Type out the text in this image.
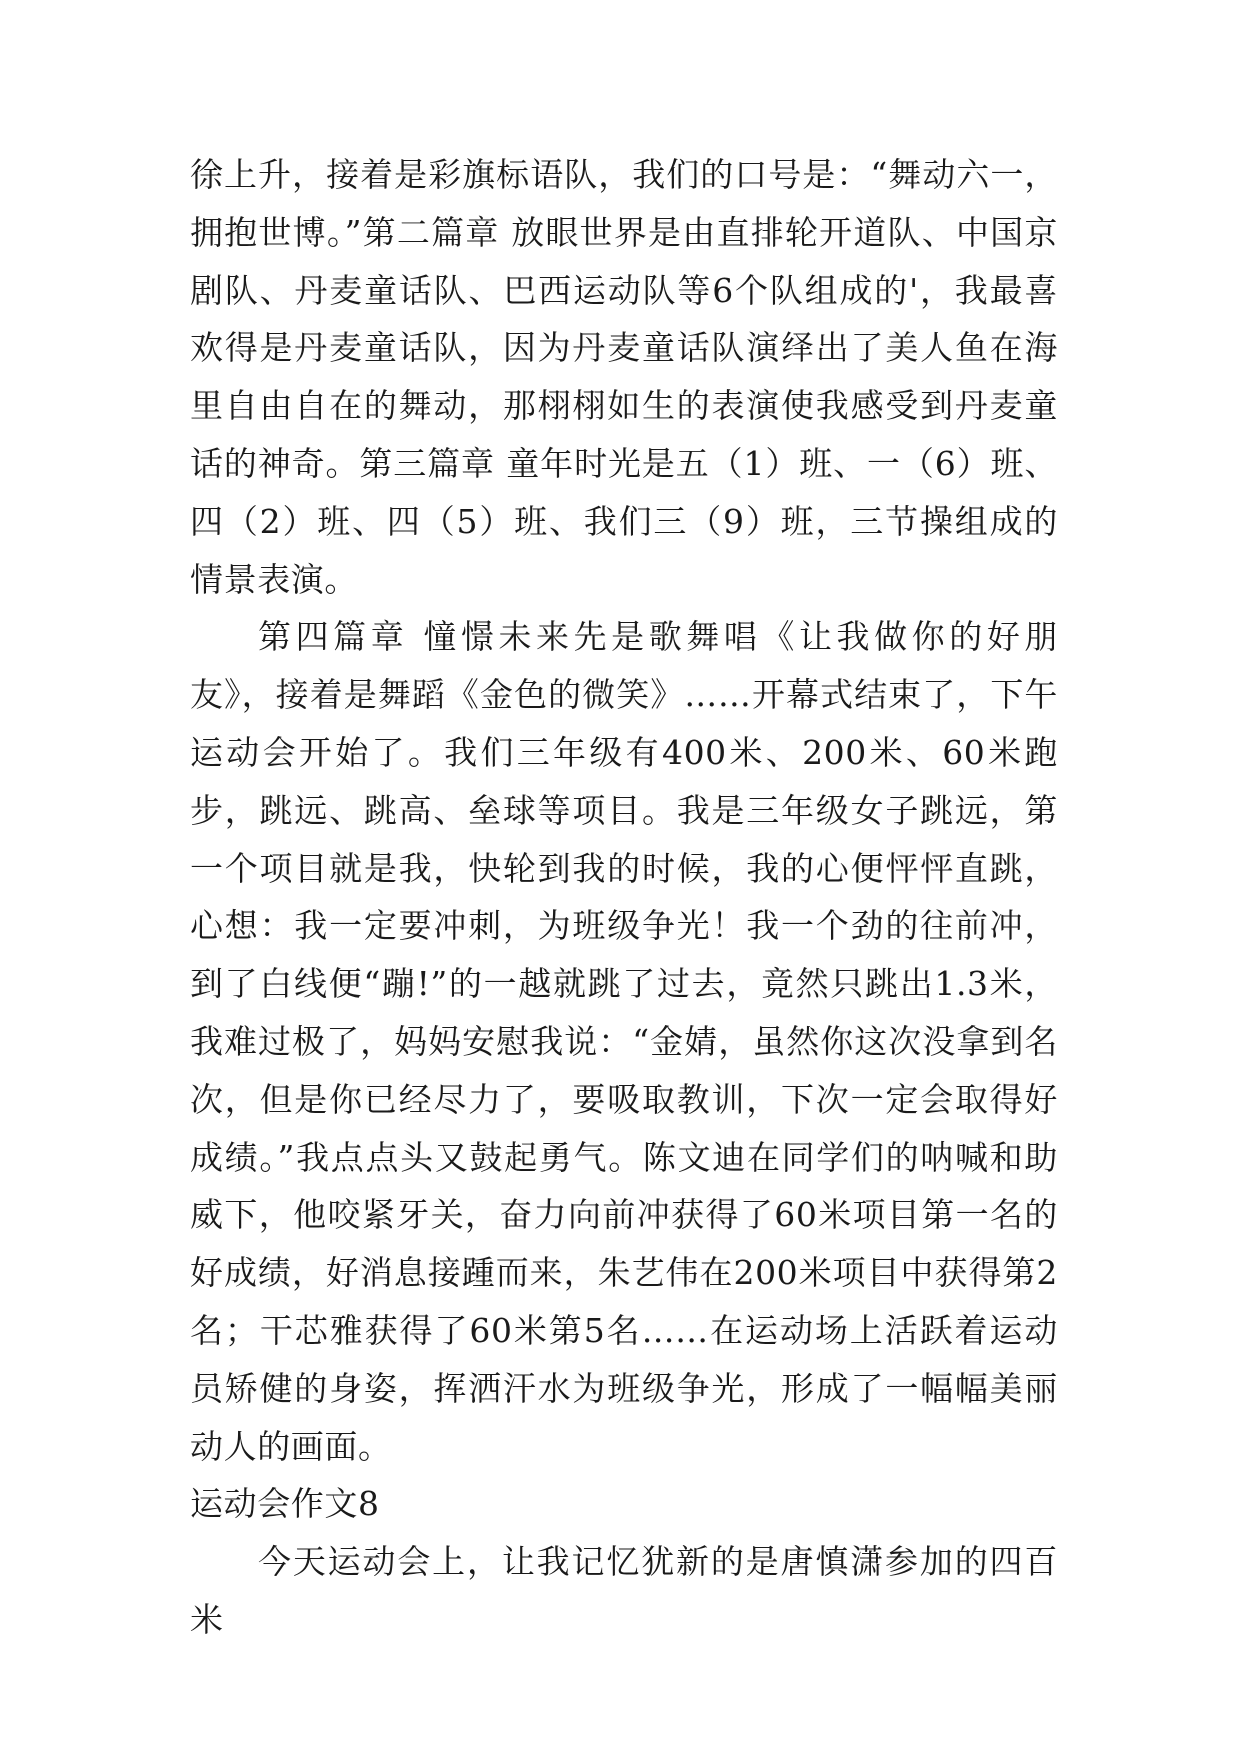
徐上升，接着是彩旗标语队，我们的口号是：“舞动六一，拥抱世博。”第二篇章 放眼世界是由直排轮开道队、中国京剧队、丹麦童话队、巴西运动队等6个队组成的'，我最喜欢得是丹麦童话队，因为丹麦童话队演绎出了美人鱼在海里自由自在的舞动，那栩栩如生的表演使我感受到丹麦童话的神奇。第三篇章 童年时光是五（1）班、一（6）班、四（2）班、四（5）班、我们三（9）班，三节操组成的情景表演。

第四篇章 憧憬未来先是歌舞唱《让我做你的好朋友》，接着是舞蹈《金色的微笑》……开幕式结束了，下午运动会开始了。我们三年级有400米、200米、60米跑步，跳远、跳高、垒球等项目。我是三年级女子跳远，第一个项目就是我，快轮到我的时候，我的心便怦怦直跳，心想：我一定要冲刺，为班级争光！我一个劲的往前冲，到了白线便“蹦!”的一越就跳了过去，竟然只跳出1.3米，我难过极了，妈妈安慰我说：“金婧，虽然你这次没拿到名次，但是你已经尽力了，要吸取教训，下次一定会取得好成绩。”我点点头又鼓起勇气。陈文迪在同学们的呐喊和助威下，他咬紧牙关，奋力向前冲获得了60米项目第一名的好成绩，好消息接踵而来，朱艺伟在200米项目中获得第2名；干芯雅获得了60米第5名……在运动场上活跃着运动员矫健的身姿，挥洒汗水为班级争光，形成了一幅幅美丽动人的画面。

运动会作文8

今天运动会上，让我记忆犹新的是唐慎潇参加的四百米
